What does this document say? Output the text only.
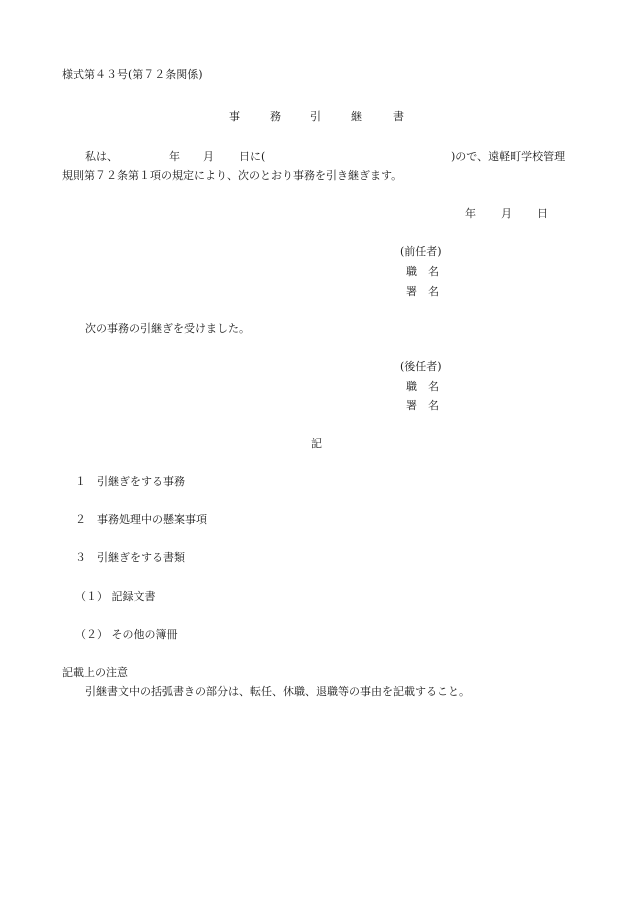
様式第４３号(第７２条関係)
事	務	引	継	書
私は、	年 月 日に(	)ので、遠軽町学校管理
規則第７２条第１項の規定により、次のとおり事務を引き継ぎます。
年 月 日
(前任者)
職　名
署　名
次の事務の引継ぎを受けました。
(後任者)
職　名
署　名
記
１　引継ぎをする事務
２　事務処理中の懸案事項
３　引継ぎをする書類
（１） 記録文書
（２） その他の簿冊
記載上の注意
引継書文中の括弧書きの部分は、転任、休職、退職等の事由を記載すること。
